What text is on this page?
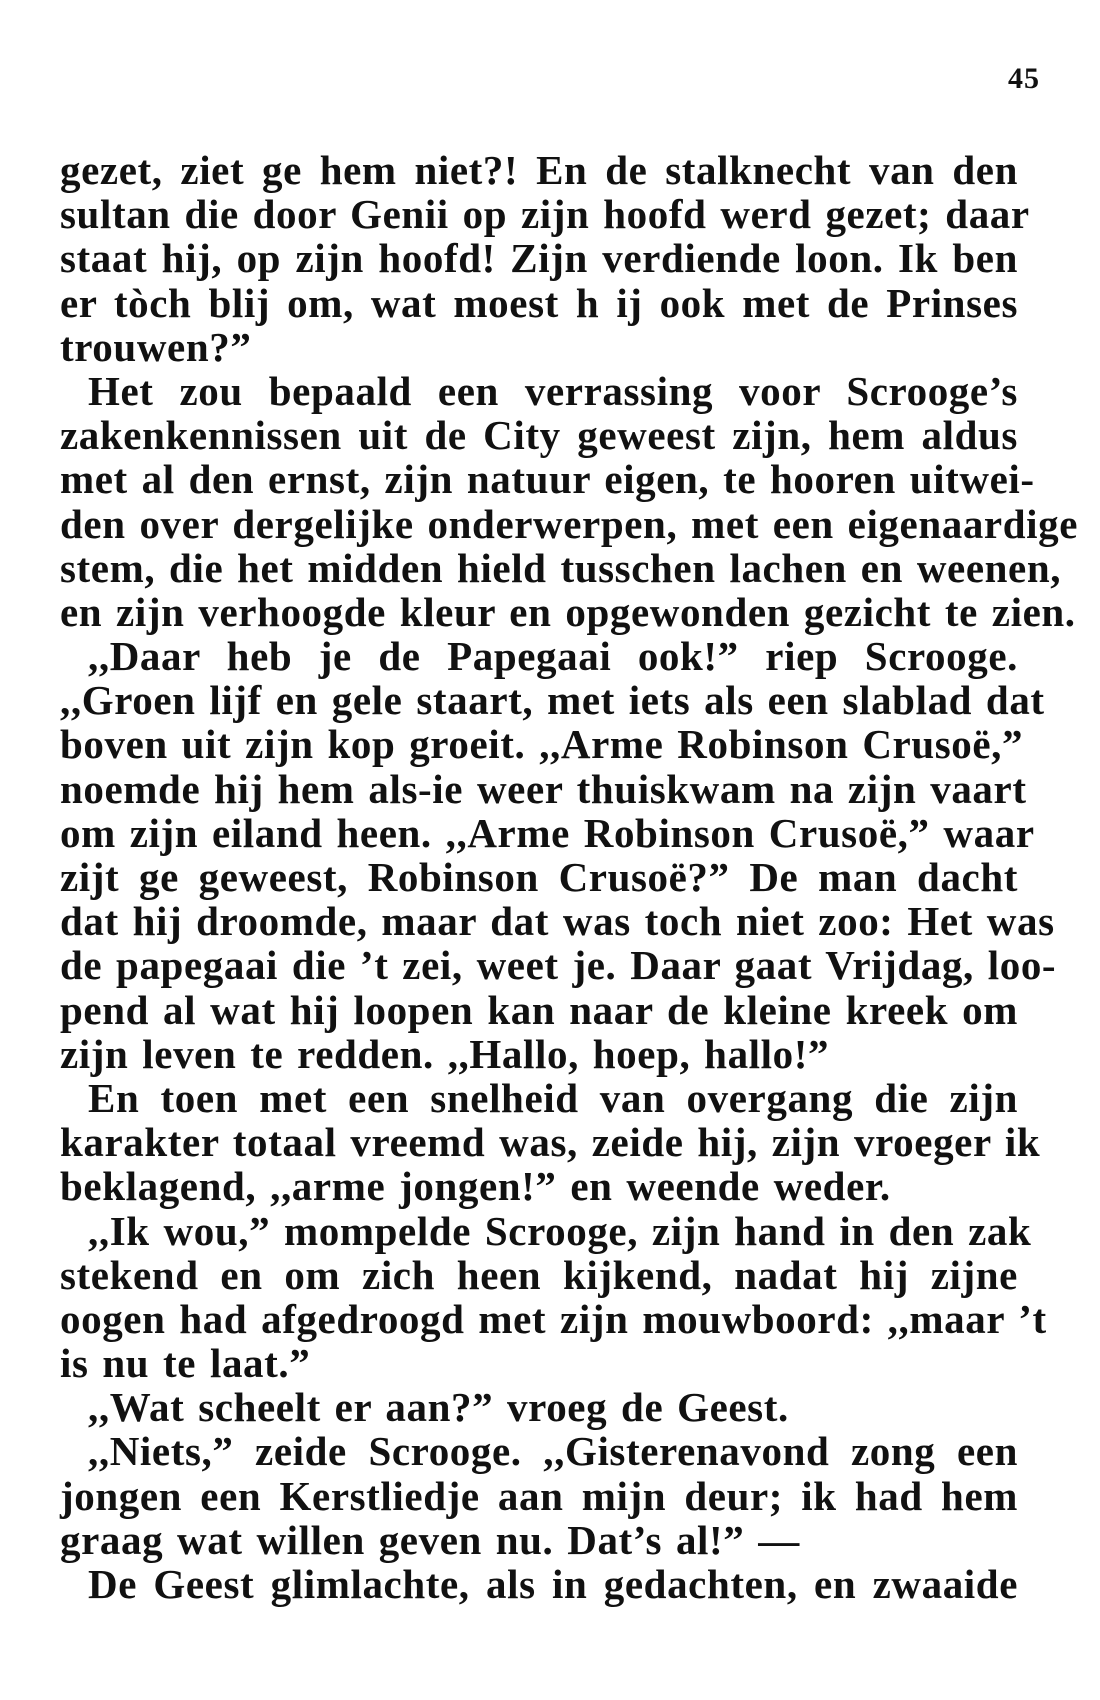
45
gezet, ziet ge hem niet?! En de stalknecht van den
sultan die door Genii op zijn hoofd werd gezet; daar
staat hij, op zijn hoofd! Zijn verdiende loon. Ik ben
er tòch blij om, wat moest h ij ook met de Prinses
trouwen?”
Het zou bepaald een verrassing voor Scrooge’s
zakenkennissen uit de City geweest zijn, hem aldus
met al den ernst, zijn natuur eigen, te hooren uitwei-
den over dergelijke onderwerpen, met een eigenaardige
stem, die het midden hield tusschen lachen en weenen,
en zijn verhoogde kleur en opgewonden gezicht te zien.
,,Daar heb je de Papegaai ook!” riep Scrooge.
,,Groen lijf en gele staart, met iets als een slablad dat
boven uit zijn kop groeit. ,,Arme Robinson Crusoë,”
noemde hij hem als-ie weer thuiskwam na zijn vaart
om zijn eiland heen. ,,Arme Robinson Crusoë,” waar
zijt ge geweest, Robinson Crusoë?” De man dacht
dat hij droomde, maar dat was toch niet zoo: Het was
de papegaai die ’t zei, weet je. Daar gaat Vrijdag, loo-
pend al wat hij loopen kan naar de kleine kreek om
zijn leven te redden. ,,Hallo, hoep, hallo!”
En toen met een snelheid van overgang die zijn
karakter totaal vreemd was, zeide hij, zijn vroeger ik
beklagend, ,,arme jongen!” en weende weder.
,,Ik wou,” mompelde Scrooge, zijn hand in den zak
stekend en om zich heen kijkend, nadat hij zijne
oogen had afgedroogd met zijn mouwboord: ,,maar ’t
is nu te laat.”
,,Wat scheelt er aan?” vroeg de Geest.
,,Niets,” zeide Scrooge. ,,Gisterenavond zong een
jongen een Kerstliedje aan mijn deur; ik had hem
graag wat willen geven nu. Dat’s al!” —
De Geest glimlachte, als in gedachten, en zwaaide
